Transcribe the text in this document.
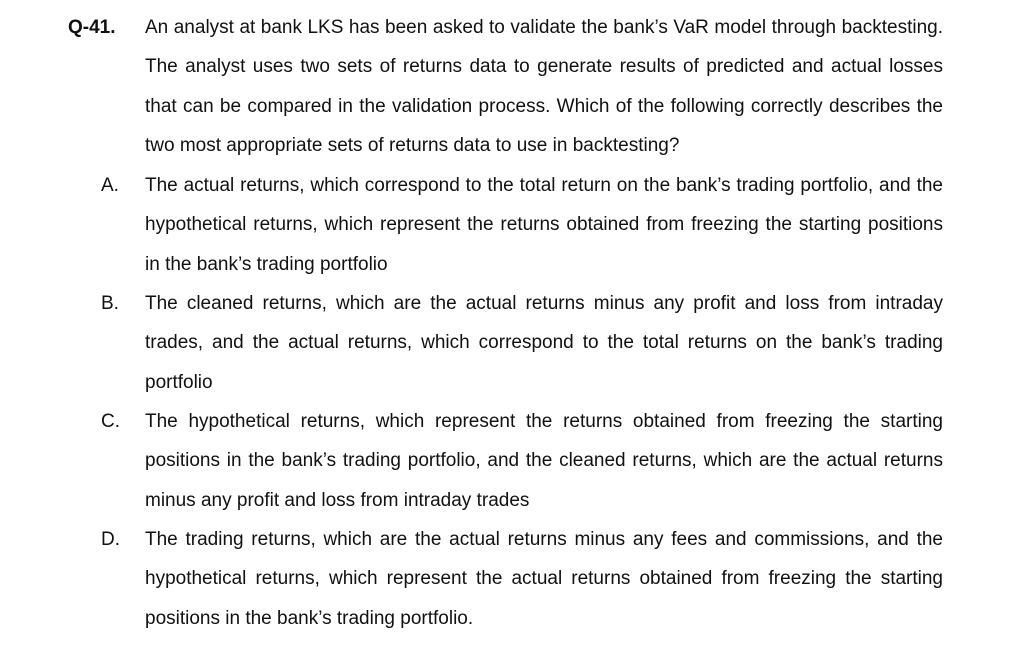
Q-41. An analyst at bank LKS has been asked to validate the bank’s VaR model through backtesting. The analyst uses two sets of returns data to generate results of predicted and actual losses that can be compared in the validation process. Which of the following correctly describes the two most appropriate sets of returns data to use in backtesting?

A. The actual returns, which correspond to the total return on the bank’s trading portfolio, and the hypothetical returns, which represent the returns obtained from freezing the starting positions in the bank’s trading portfolio

B. The cleaned returns, which are the actual returns minus any profit and loss from intraday trades, and the actual returns, which correspond to the total returns on the bank’s trading portfolio

C. The hypothetical returns, which represent the returns obtained from freezing the starting positions in the bank’s trading portfolio, and the cleaned returns, which are the actual returns minus any profit and loss from intraday trades

D. The trading returns, which are the actual returns minus any fees and commissions, and the hypothetical returns, which represent the actual returns obtained from freezing the starting positions in the bank’s trading portfolio.
